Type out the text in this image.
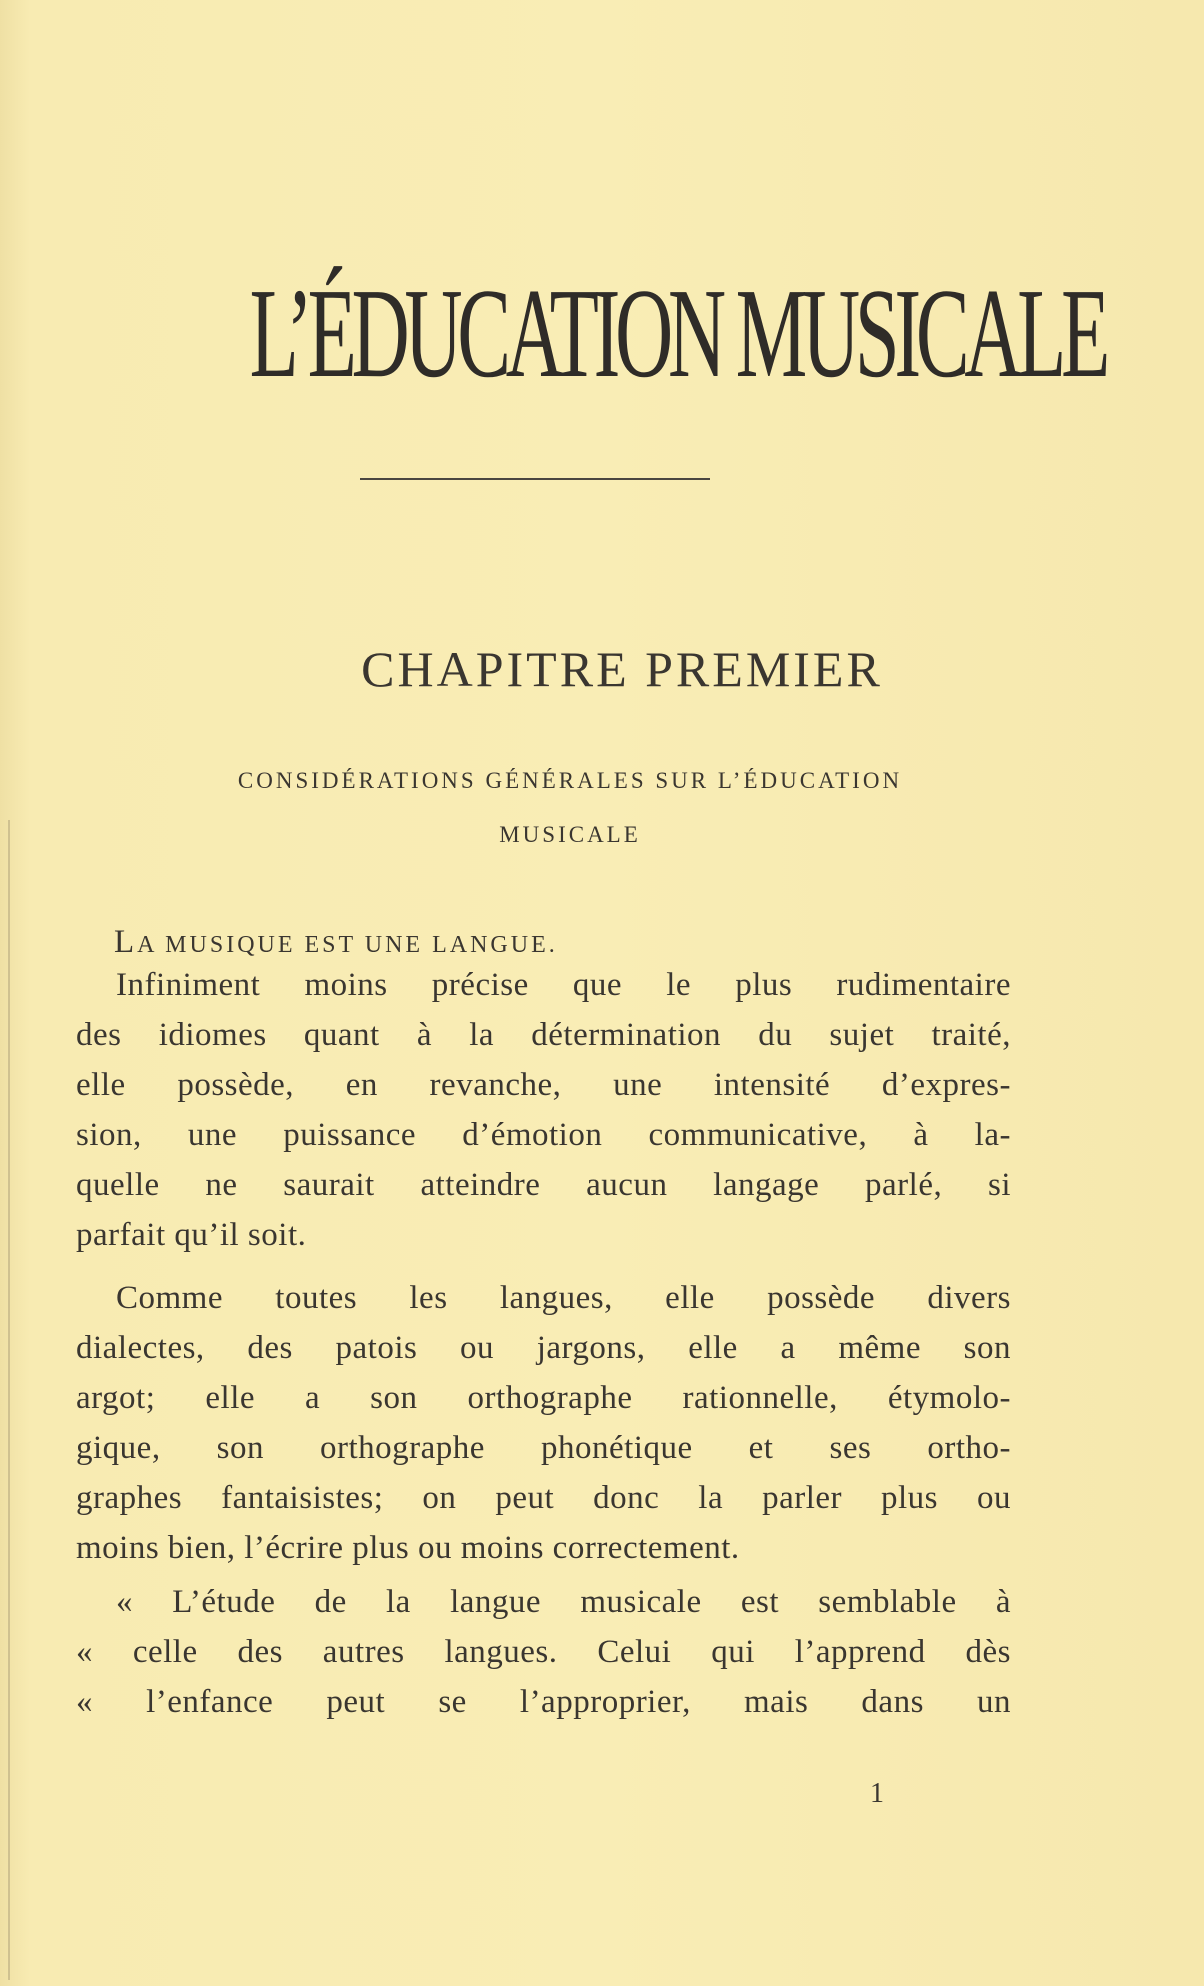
L’ÉDUCATION MUSICALE
CHAPITRE PREMIER
CONSIDÉRATIONS GÉNÉRALES SUR L’ÉDUCATION
MUSICALE
LA MUSIQUE EST UNE LANGUE.
Infiniment moins précise que le plus rudimentaire
des idiomes quant à la détermination du sujet traité,
elle possède, en revanche, une intensité d’expres-
sion, une puissance d’émotion communicative, à la-
quelle ne saurait atteindre aucun langage parlé, si
parfait qu’il soit.
Comme toutes les langues, elle possède divers
dialectes, des patois ou jargons, elle a même son
argot; elle a son orthographe rationnelle, étymolo-
gique, son orthographe phonétique et ses ortho-
graphes fantaisistes; on peut donc la parler plus ou
moins bien, l’écrire plus ou moins correctement.
« L’étude de la langue musicale est semblable à
« celle des autres langues. Celui qui l’apprend dès
« l’enfance peut se l’approprier, mais dans un
1
